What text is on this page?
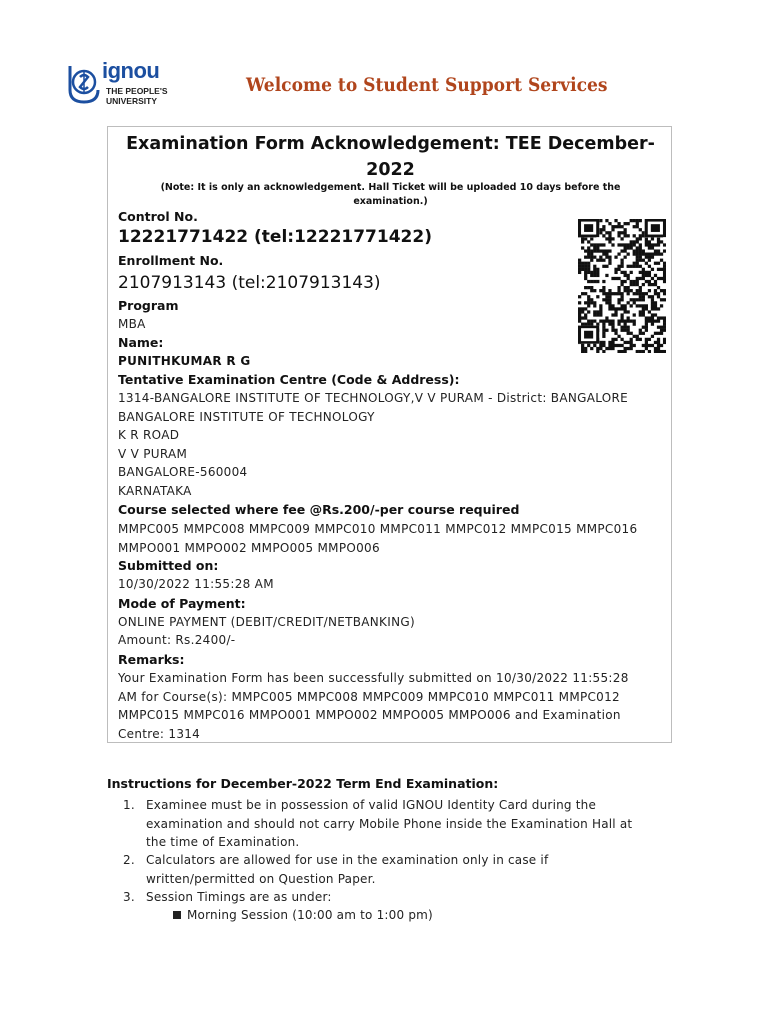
ignou
THE PEOPLE'S
UNIVERSITY
Welcome to Student Support Services
Examination Form Acknowledgement: TEE December-
2022
(Note: It is only an acknowledgement. Hall Ticket will be uploaded 10 days before the
examination.)
Control No.
12221771422 (tel:12221771422)
Enrollment No.
2107913143 (tel:2107913143)
Program
MBA
Name:
PUNITHKUMAR R G
Tentative Examination Centre (Code & Address):
1314-BANGALORE INSTITUTE OF TECHNOLOGY,V V PURAM - District: BANGALORE
BANGALORE INSTITUTE OF TECHNOLOGY
K R ROAD
V V PURAM
BANGALORE-560004
KARNATAKA
Course selected where fee @Rs.200/-per course required
MMPC005 MMPC008 MMPC009 MMPC010 MMPC011 MMPC012 MMPC015 MMPC016
MMPO001 MMPO002 MMPO005 MMPO006
Submitted on:
10/30/2022 11:55:28 AM
Mode of Payment:
ONLINE PAYMENT (DEBIT/CREDIT/NETBANKING)
Amount: Rs.2400/-
Remarks:
Your Examination Form has been successfully submitted on 10/30/2022 11:55:28
AM for Course(s): MMPC005 MMPC008 MMPC009 MMPC010 MMPC011 MMPC012
MMPC015 MMPC016 MMPO001 MMPO002 MMPO005 MMPO006 and Examination
Centre: 1314
Instructions for December-2022 Term End Examination:
1. Examinee must be in possession of valid IGNOU Identity Card during the
examination and should not carry Mobile Phone inside the Examination Hall at
the time of Examination.
2. Calculators are allowed for use in the examination only in case if
written/permitted on Question Paper.
3. Session Timings are as under:
Morning Session (10:00 am to 1:00 pm)
